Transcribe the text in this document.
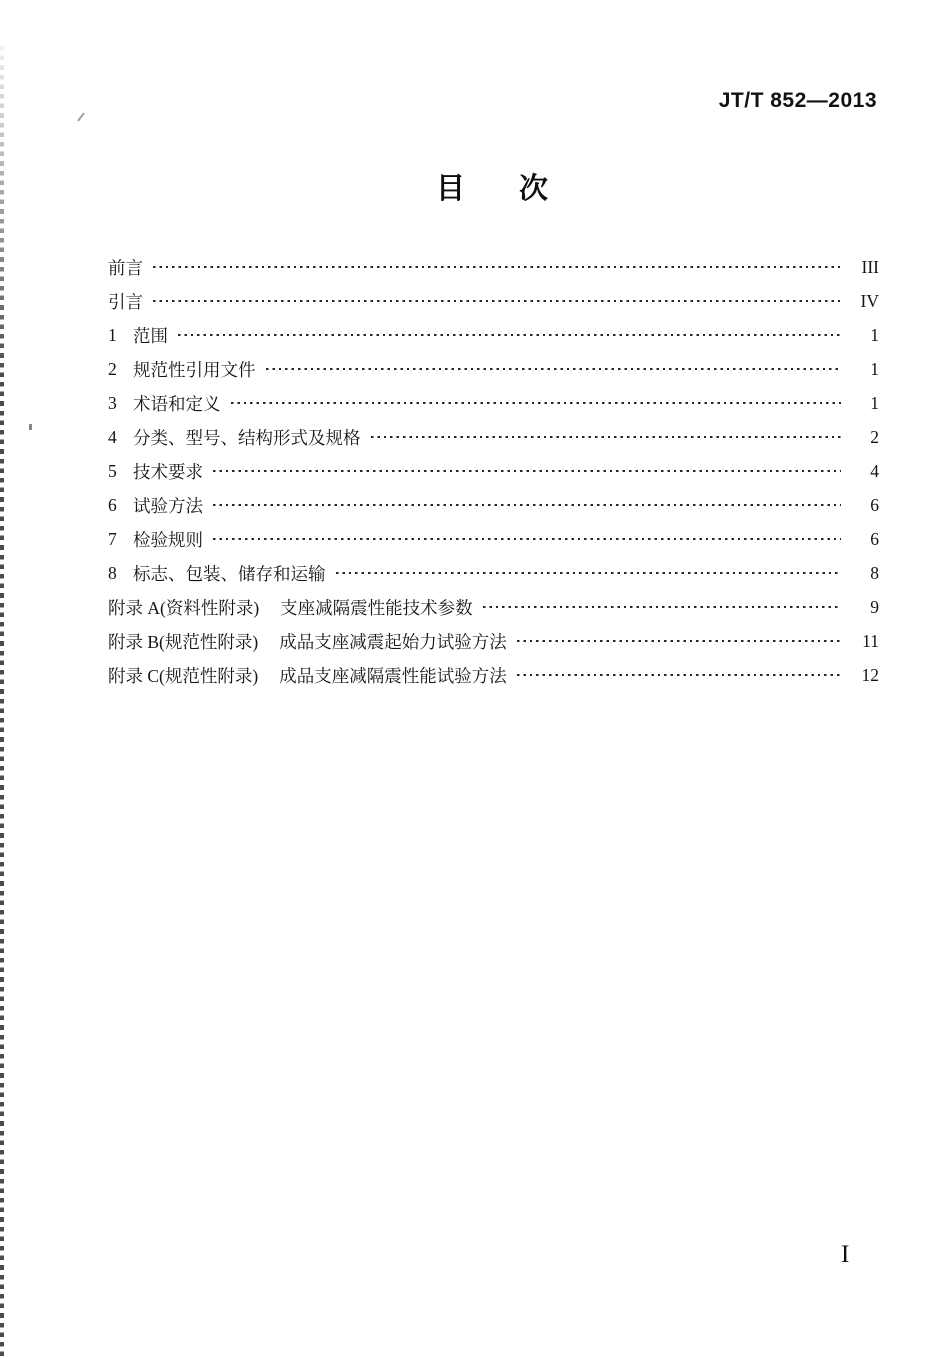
JT/T 852—2013
目 次
前言	III
引言	IV
1 范围	1
2 规范性引用文件	1
3 术语和定义	1
4 分类、型号、结构形式及规格	2
5 技术要求	4
6 试验方法	6
7 检验规则	6
8 标志、包装、储存和运输	8
附录 A(资料性附录) 支座减隔震性能技术参数	9
附录 B(规范性附录) 成品支座减震起始力试验方法	11
附录 C(规范性附录) 成品支座减隔震性能试验方法	12
I
